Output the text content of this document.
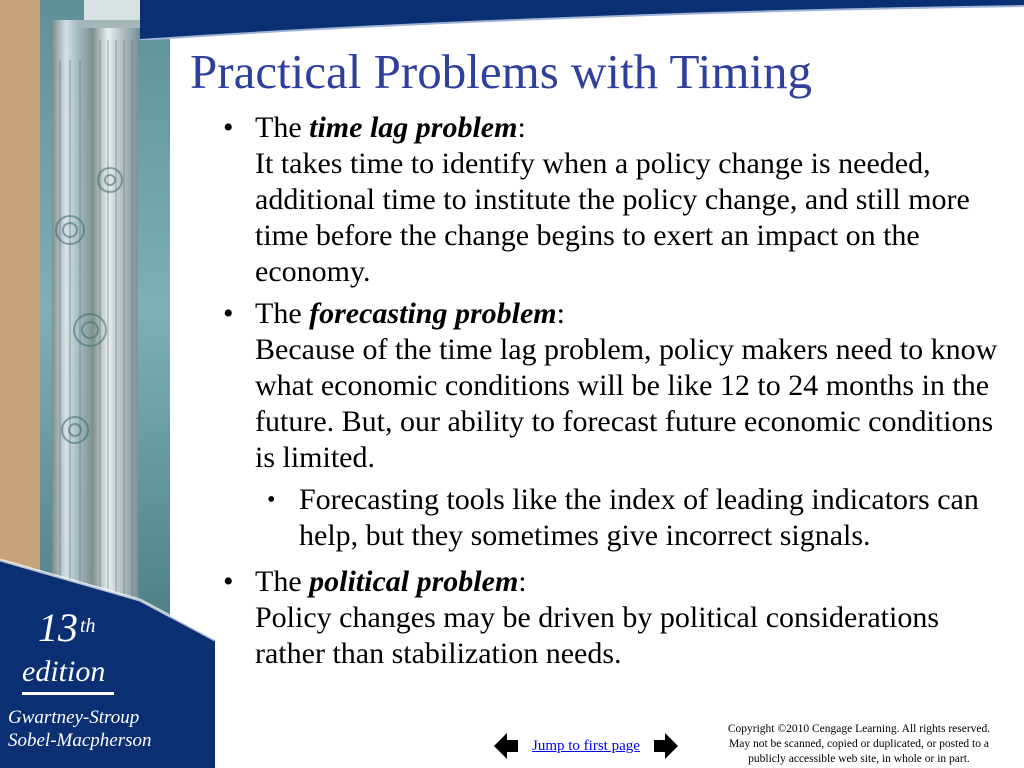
13 $^{th}$
edition
Gwartney-Stroup
Sobel-Macpherson
Practical Problems with Timing
• The time lag problem:
It takes time to identify when a policy change is needed, additional time to institute the policy change, and still more time before the change begins to exert an impact on the economy.
• The forecasting problem:
Because of the time lag problem, policy makers need to know what economic conditions will be like 12 to 24 months in the future. But, our ability to forecast future economic conditions is limited.
• Forecasting tools like the index of leading indicators can help, but they sometimes give incorrect signals.
• The political problem:
Policy changes may be driven by political considerations rather than stabilization needs.
Jump to first page
Copyright ©2010 Cengage Learning. All rights reserved.
May not be scanned, copied or duplicated, or posted to a
publicly accessible web site, in whole or in part.
